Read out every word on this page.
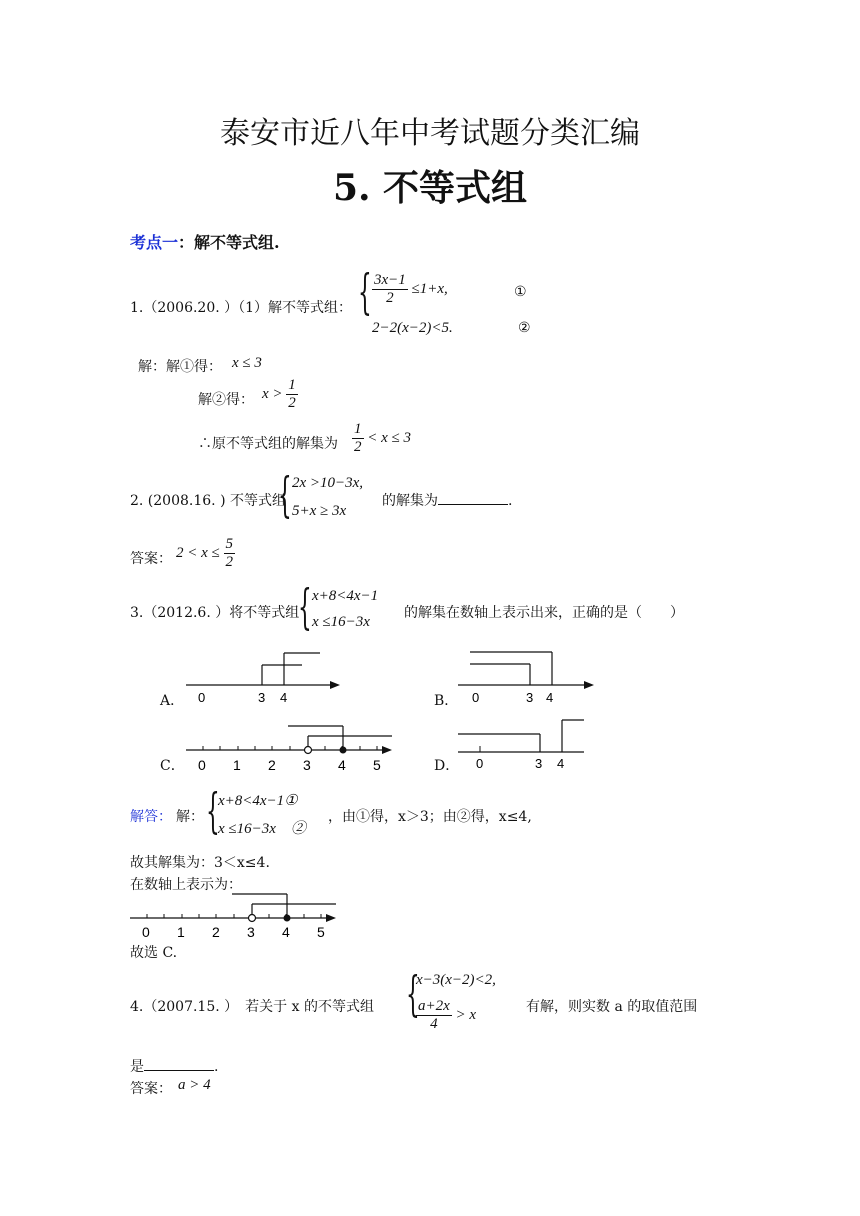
泰安市近八年中考试题分类汇编
5. 不等式组
考点一：解不等式组.
1.（2006.20. ）（1）解不等式组： { $\frac{3x-1}{2} \le 1+x$,	①
2−2(x−2)<5.	②
解：解①得： x ≤ 3
解②得： $x > \frac{1}{2}$
∴原不等式组的解集为 $\frac{1}{2} < x \le 3$
2. (2008.16. ) 不等式组
{ 2x >10−3x,
5+x ≥ 3x
的解集为	.
答案： $2 < x \le \frac{5}{2}$
3.（2012.6. ）将不等式组
{ x+8<4x−1
x ≤16−3x
的解集在数轴上表示出来，正确的是（　　）
A．	B．
C．	D．
0	3 4	0	3 4
0 1 2 3 4 5	0	3 4
解答： 解： {
x+8<4x−1①
x ≤16−3x　②
，由①得，x＞3；由②得，x≤4,
故其解集为：3＜x≤4.
在数轴上表示为：
0 1 2 3 4 5
故选 C.
4.（2007.15. ）　若关于 x 的不等式组 {
x−3(x−2)<2,
$\frac{a+2x}{4} > x$	有解，则实数 a 的取值范围
是	.
答案： a > 4
